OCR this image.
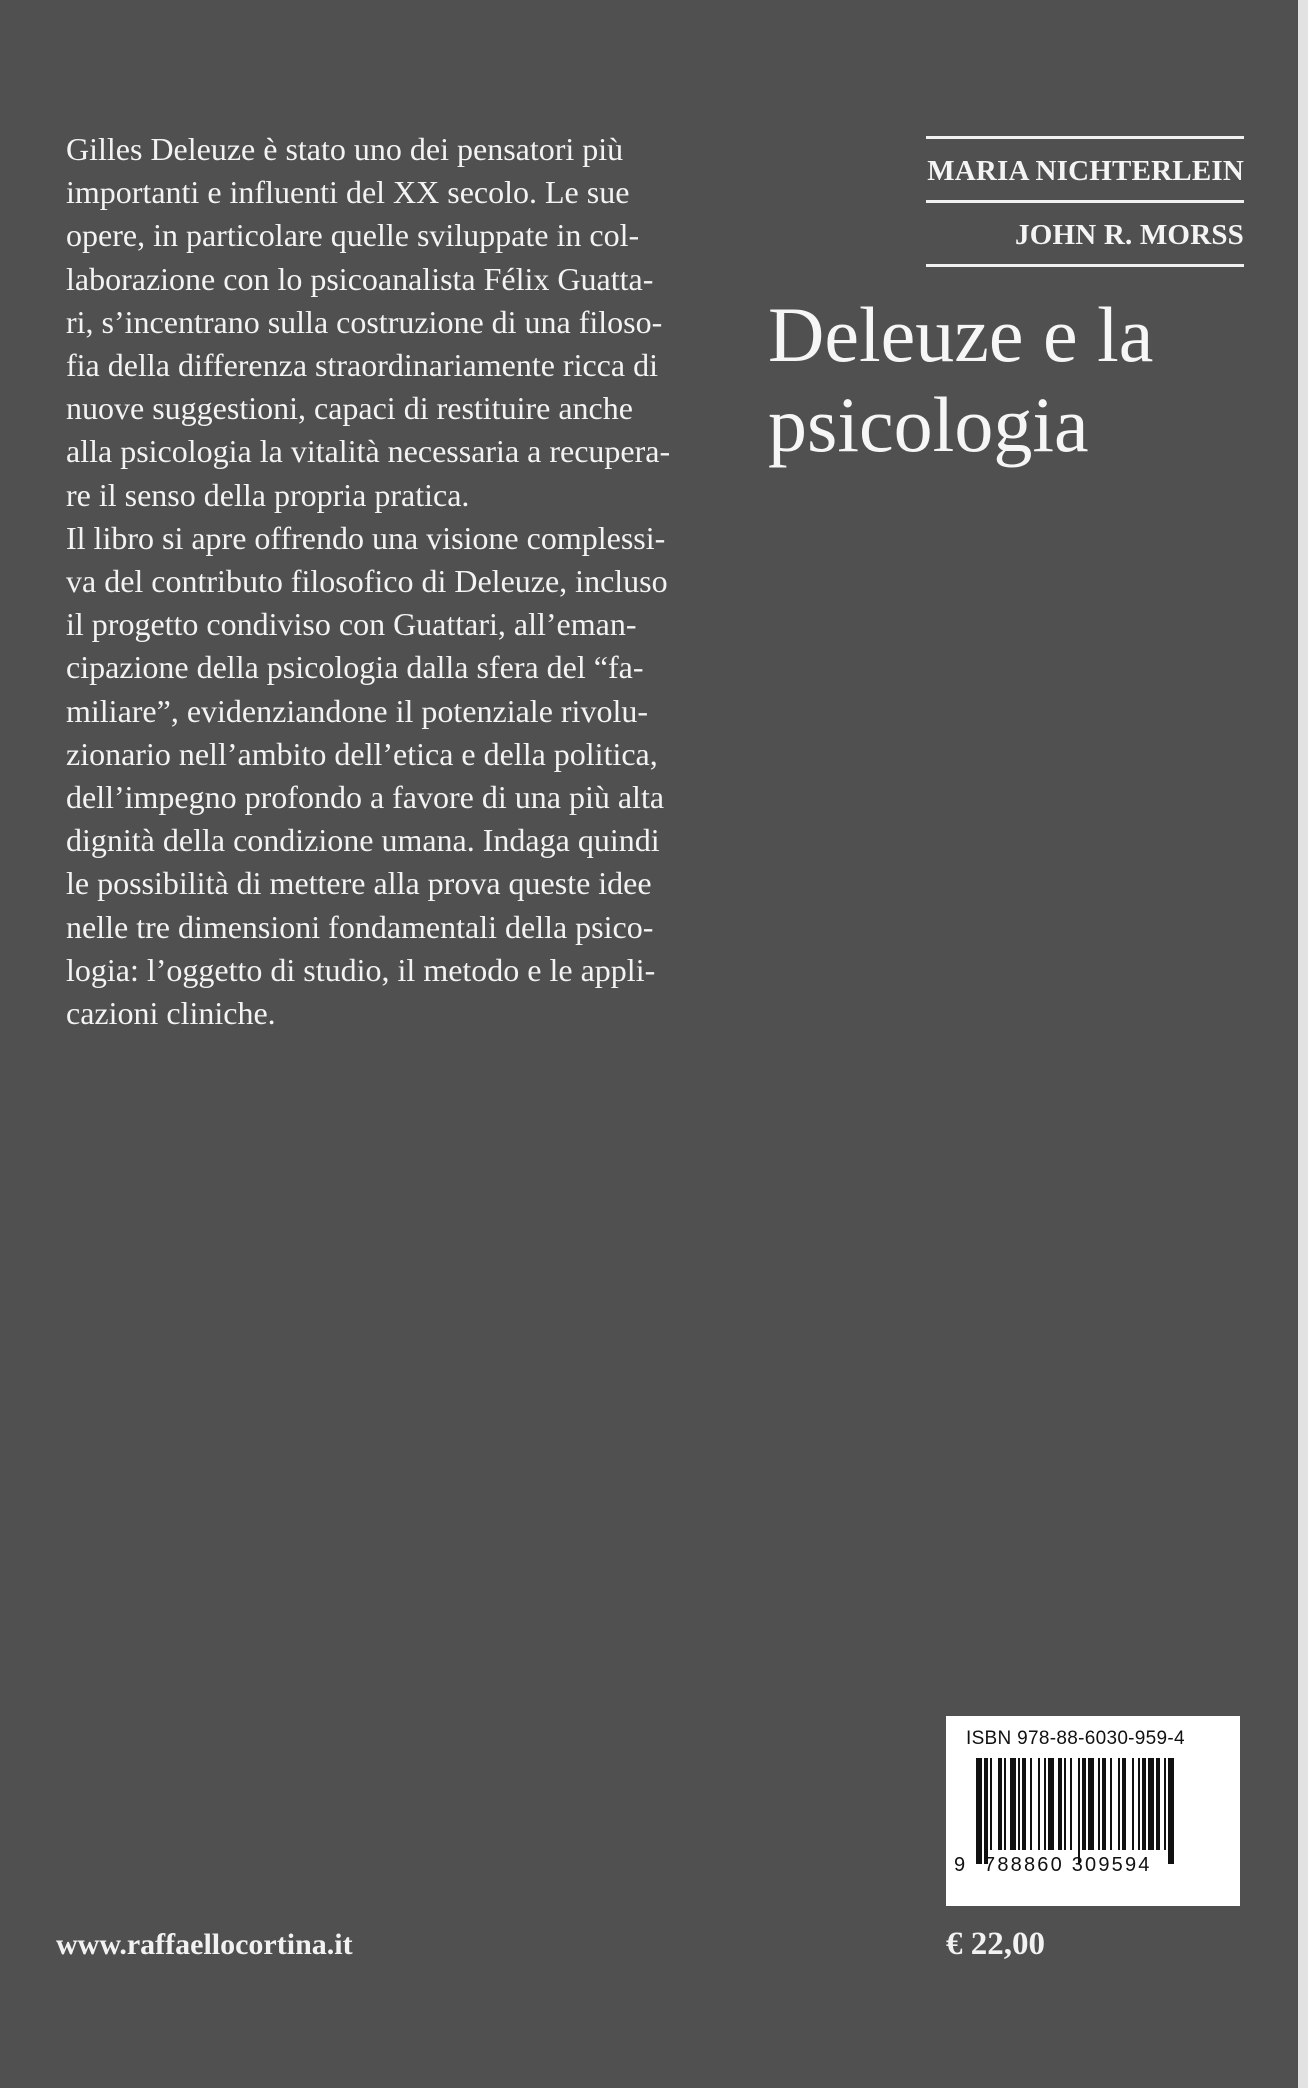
Gilles Deleuze è stato uno dei pensatori più
importanti e influenti del XX secolo. Le sue
opere, in particolare quelle sviluppate in col-
laborazione con lo psicoanalista Félix Guatta-
ri, s’incentrano sulla costruzione di una filoso-
fia della differenza straordinariamente ricca di
nuove suggestioni, capaci di restituire anche
alla psicologia la vitalità necessaria a recupera-
re il senso della propria pratica.
Il libro si apre offrendo una visione complessi-
va del contributo filosofico di Deleuze, incluso
il progetto condiviso con Guattari, all’eman-
cipazione della psicologia dalla sfera del “fa-
miliare”, evidenziandone il potenziale rivolu-
zionario nell’ambito dell’etica e della politica,
dell’impegno profondo a favore di una più alta
dignità della condizione umana. Indaga quindi
le possibilità di mettere alla prova queste idee
nelle tre dimensioni fondamentali della psico-
logia: l’oggetto di studio, il metodo e le appli-
cazioni cliniche.
MARIA NICHTERLEIN
JOHN R. MORSS
Deleuze e la
psicologia
ISBN 978-88-6030-959-4
9 788860 309594
www.raffaellocortina.it	€ 22,00
